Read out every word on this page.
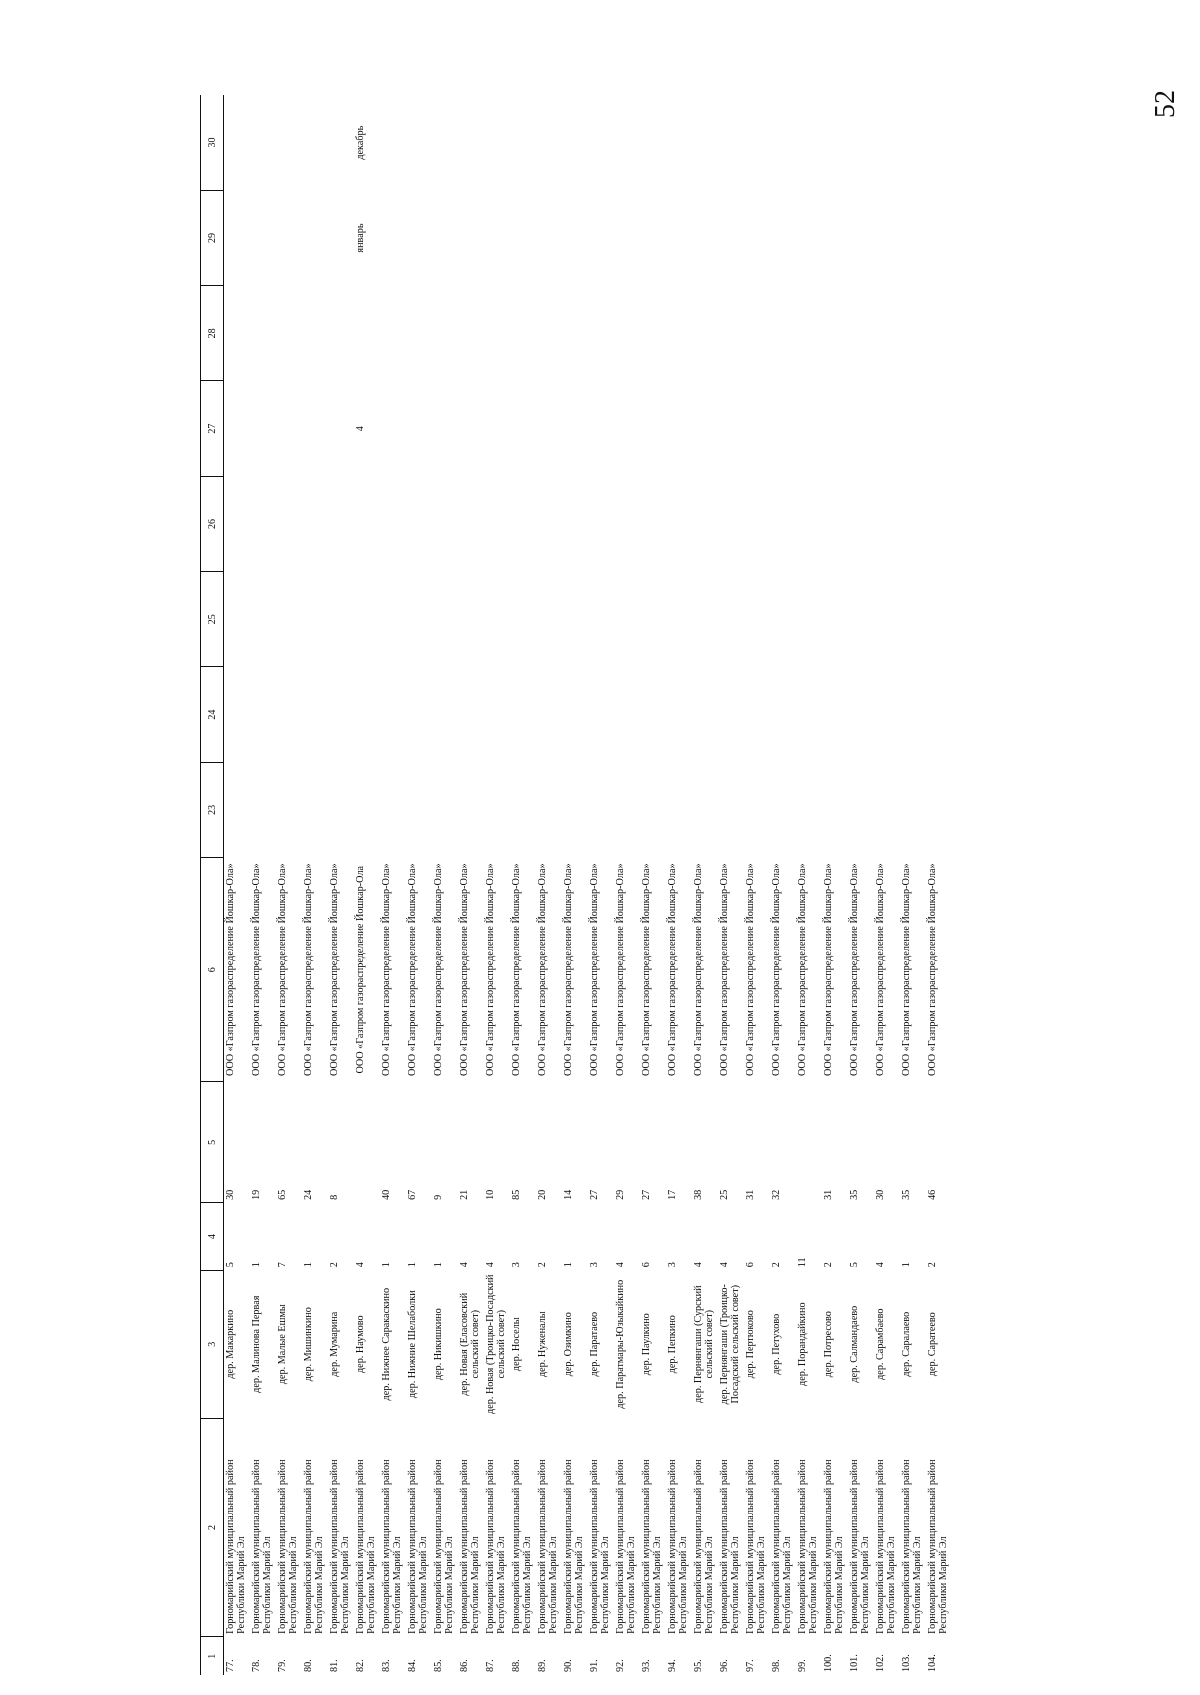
52
1	2	3	4	5	6	23	24	25	26	27	28	29	30
77.	Горномарийский муниципальный район Республики Марий Эл	дер. Макаркино	5	30	ООО «Газпром газораспределение Йошкар-Ола»								
78.	Горномарийский муниципальный район Республики Марий Эл	дер. Малинова Первая	1	19	ООО «Газпром газораспределение Йошкар-Ола»								
79.	Горномарийский муниципальный район Республики Марий Эл	дер. Малые Ешмы	7	65	ООО «Газпром газораспределение Йошкар-Ола»								
80.	Горномарийский муниципальный район Республики Марий Эл	дер. Мишинкино	1	24	ООО «Газпром газораспределение Йошкар-Ола»								
81.	Горномарийский муниципальный район Республики Марий Эл	дер. Мумарина	2	8	ООО «Газпром газораспределение Йошкар-Ола»								
82.	Горномарийский муниципальный район Республики Марий Эл	дер. Наумово	4		ООО «Газпром газораспределение Йошкар-Ола					4		январь	декабрь
83.	Горномарийский муниципальный район Республики Марий Эл	дер. Нижнее Саракаскино	1	40	ООО «Газпром газораспределение Йошкар-Ола»								
84.	Горномарийский муниципальный район Республики Марий Эл	дер. Нижние Шелаболки	1	67	ООО «Газпром газораспределение Йошкар-Ола»								
85.	Горномарийский муниципальный район Республики Марий Эл	дер. Никишкино	1	9	ООО «Газпром газораспределение Йошкар-Ола»								
86.	Горномарийский муниципальный район Республики Марий Эл	дер. Новая (Еласовский сельский совет)	4	21	ООО «Газпром газораспределение Йошкар-Ола»								
87.	Горномарийский муниципальный район Республики Марий Эл	дер. Новая (Троицко-Посадский сельский совет)	4	10	ООО «Газпром газораспределение Йошкар-Ола»								
88.	Горномарийский муниципальный район Республики Марий Эл	дер. Носелы	3	85	ООО «Газпром газораспределение Йошкар-Ола»								
89.	Горномарийский муниципальный район Республики Марий Эл	дер. Нуженалы	2	20	ООО «Газпром газораспределение Йошкар-Ола»								
90.	Горномарийский муниципальный район Республики Марий Эл	дер. Озимкино	1	14	ООО «Газпром газораспределение Йошкар-Ола»								
91.	Горномарийский муниципальный район Республики Марий Эл	дер. Паратаево	3	27	ООО «Газпром газораспределение Йошкар-Ола»								
92.	Горномарийский муниципальный район Республики Марий Эл	дер. Паратмары-Юзыкайкино	4	29	ООО «Газпром газораспределение Йошкар-Ола»								
93.	Горномарийский муниципальный район Республики Марий Эл	дер. Паулкино	6	27	ООО «Газпром газораспределение Йошкар-Ола»								
94.	Горномарийский муниципальный район Республики Марий Эл	дер. Пепкино	3	17	ООО «Газпром газораспределение Йошкар-Ола»								
95.	Горномарийский муниципальный район Республики Марий Эл	дер. Пернянгаши (Сурский сельский совет)	4	38	ООО «Газпром газораспределение Йошкар-Ола»								
96.	Горномарийский муниципальный район Республики Марий Эл	дер. Пернянгаши (Троицко-Посадский сельский совет)	4	25	ООО «Газпром газораспределение Йошкар-Ола»								
97.	Горномарийский муниципальный район Республики Марий Эл	дер. Пертюково	6	31	ООО «Газпром газораспределение Йошкар-Ола»								
98.	Горномарийский муниципальный район Республики Марий Эл	дер. Петухово	2	32	ООО «Газпром газораспределение Йошкар-Ола»								
99.	Горномарийский муниципальный район Республики Марий Эл	дер. Порандайкино	11		ООО «Газпром газораспределение Йошкар-Ола»								
100.	Горномарийский муниципальный район Республики Марий Эл	дер. Потресово	2	31	ООО «Газпром газораспределение Йошкар-Ола»								
101.	Горномарийский муниципальный район Республики Марий Эл	дер. Салмандаево	5	35	ООО «Газпром газораспределение Йошкар-Ола»								
102.	Горномарийский муниципальный район Республики Марий Эл	дер. Сарамбаево	4	30	ООО «Газпром газораспределение Йошкар-Ола»								
103.	Горномарийский муниципальный район Республики Марий Эл	дер. Саралаево	1	35	ООО «Газпром газораспределение Йошкар-Ола»								
104.	Горномарийский муниципальный район Республики Марий Эл	дер. Саратеево	2	46	ООО «Газпром газораспределение Йошкар-Ола»								
